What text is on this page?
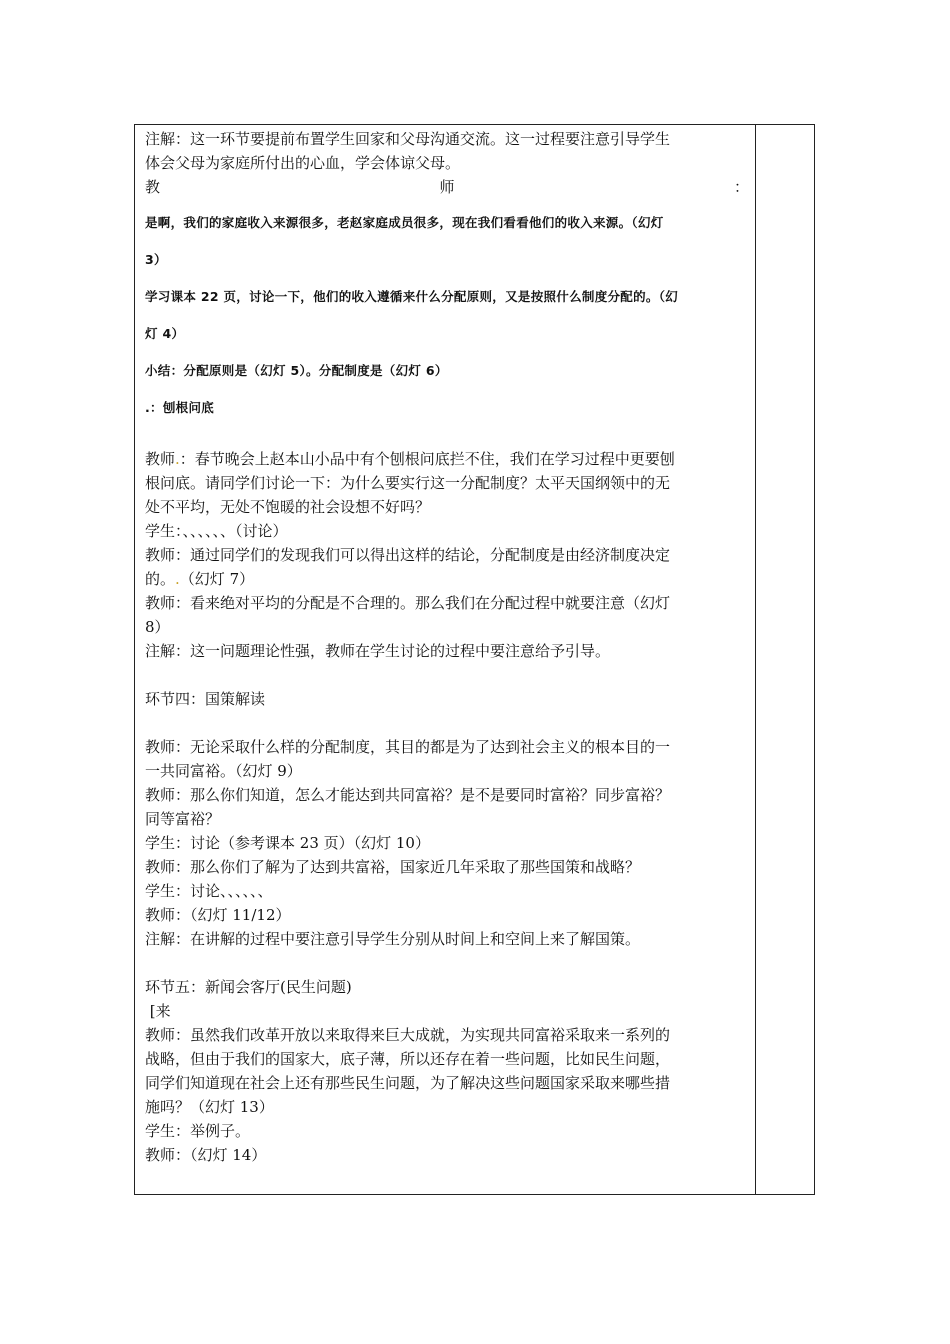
注解：这一环节要提前布置学生回家和父母沟通交流。这一过程要注意引导学生

体会父母为家庭所付出的心血，学会体谅父母。

教	师	：

是啊，我们的家庭收入来源很多，老赵家庭成员很多，现在我们看看他们的收入来源。（幻灯

3）

学习课本 22 页，讨论一下，他们的收入遵循来什么分配原则，又是按照什么制度分配的。（幻

灯 4）

小结：分配原则是（幻灯 5）。分配制度是（幻灯 6）

.：刨根问底

教师.：春节晚会上赵本山小品中有个刨根问底拦不住，我们在学习过程中更要刨

根问底。请同学们讨论一下：为什么要实行这一分配制度？太平天国纲领中的无

处不平均，无处不饱暖的社会设想不好吗？

学生：、、、、、、（讨论）

教师：通过同学们的发现我们可以得出这样的结论，分配制度是由经济制度决定

的。.（幻灯 7）

教师：看来绝对平均的分配是不合理的。那么我们在分配过程中就要注意（幻灯

8）

注解：这一问题理论性强，教师在学生讨论的过程中要注意给予引导。

环节四：国策解读

教师：无论采取什么样的分配制度，其目的都是为了达到社会主义的根本目的一

一共同富裕。（幻灯 9）

教师：那么你们知道，怎么才能达到共同富裕？是不是要同时富裕？同步富裕？

同等富裕？

学生：讨论（参考课本 23 页）（幻灯 10）

教师：那么你们了解为了达到共富裕，国家近几年采取了那些国策和战略？

学生：讨论、、、、、、

教师：（幻灯 11/12）

注解：在讲解的过程中要注意引导学生分别从时间上和空间上来了解国策。

环节五：新闻会客厅(民生问题)

[来

教师：虽然我们改革开放以来取得来巨大成就，为实现共同富裕采取来一系列的

战略，但由于我们的国家大，底子薄，所以还存在着一些问题，比如民生问题，

同学们知道现在社会上还有那些民生问题，为了解决这些问题国家采取来哪些措

施吗？（幻灯 13）

学生：举例子。

教师：（幻灯 14）
